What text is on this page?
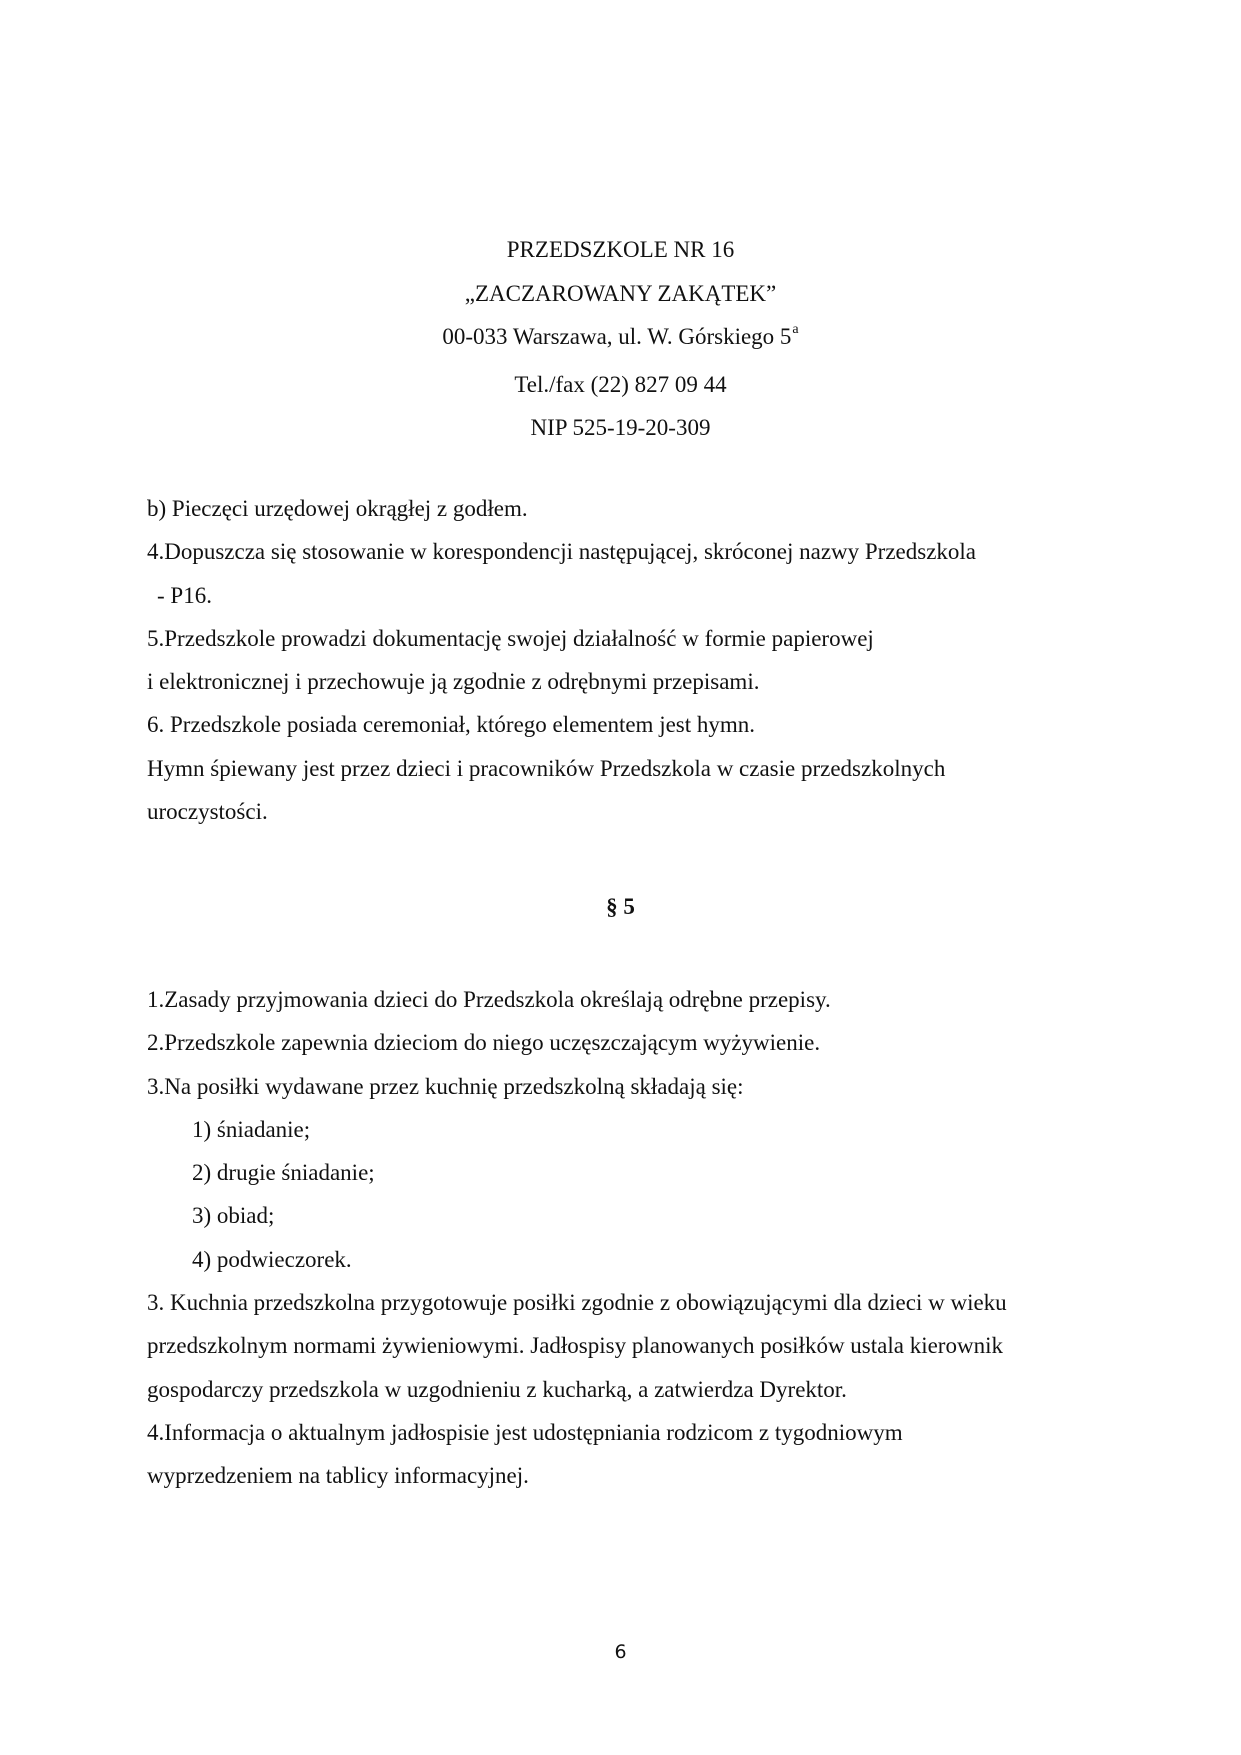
PRZEDSZKOLE NR 16
„ZACZAROWANY ZAKĄTEK”
00-033 Warszawa, ul. W. Górskiego 5$^a$
Tel./fax (22) 827 09 44
NIP 525-19-20-309
b) Pieczęci urzędowej okrągłej z godłem.
4.Dopuszcza się stosowanie w korespondencji następującej, skróconej nazwy Przedszkola
- P16.
5.Przedszkole prowadzi dokumentację swojej działalność w formie papierowej
i elektronicznej i przechowuje ją zgodnie z odrębnymi przepisami.
6. Przedszkole posiada ceremoniał, którego elementem jest hymn.
Hymn śpiewany jest przez dzieci i pracowników Przedszkola w czasie przedszkolnych
uroczystości.
§ 5
1.Zasady przyjmowania dzieci do Przedszkola określają odrębne przepisy.
2.Przedszkole zapewnia dzieciom do niego uczęszczającym wyżywienie.
3.Na posiłki wydawane przez kuchnię przedszkolną składają się:
1) śniadanie;
2) drugie śniadanie;
3) obiad;
4) podwieczorek.
3. Kuchnia przedszkolna przygotowuje posiłki zgodnie z obowiązującymi dla dzieci w wieku
przedszkolnym normami żywieniowymi. Jadłospisy planowanych posiłków ustala kierownik
gospodarczy przedszkola w uzgodnieniu z kucharką, a zatwierdza Dyrektor.
4.Informacja o aktualnym jadłospisie jest udostępniania rodzicom z tygodniowym
wyprzedzeniem na tablicy informacyjnej.
6
